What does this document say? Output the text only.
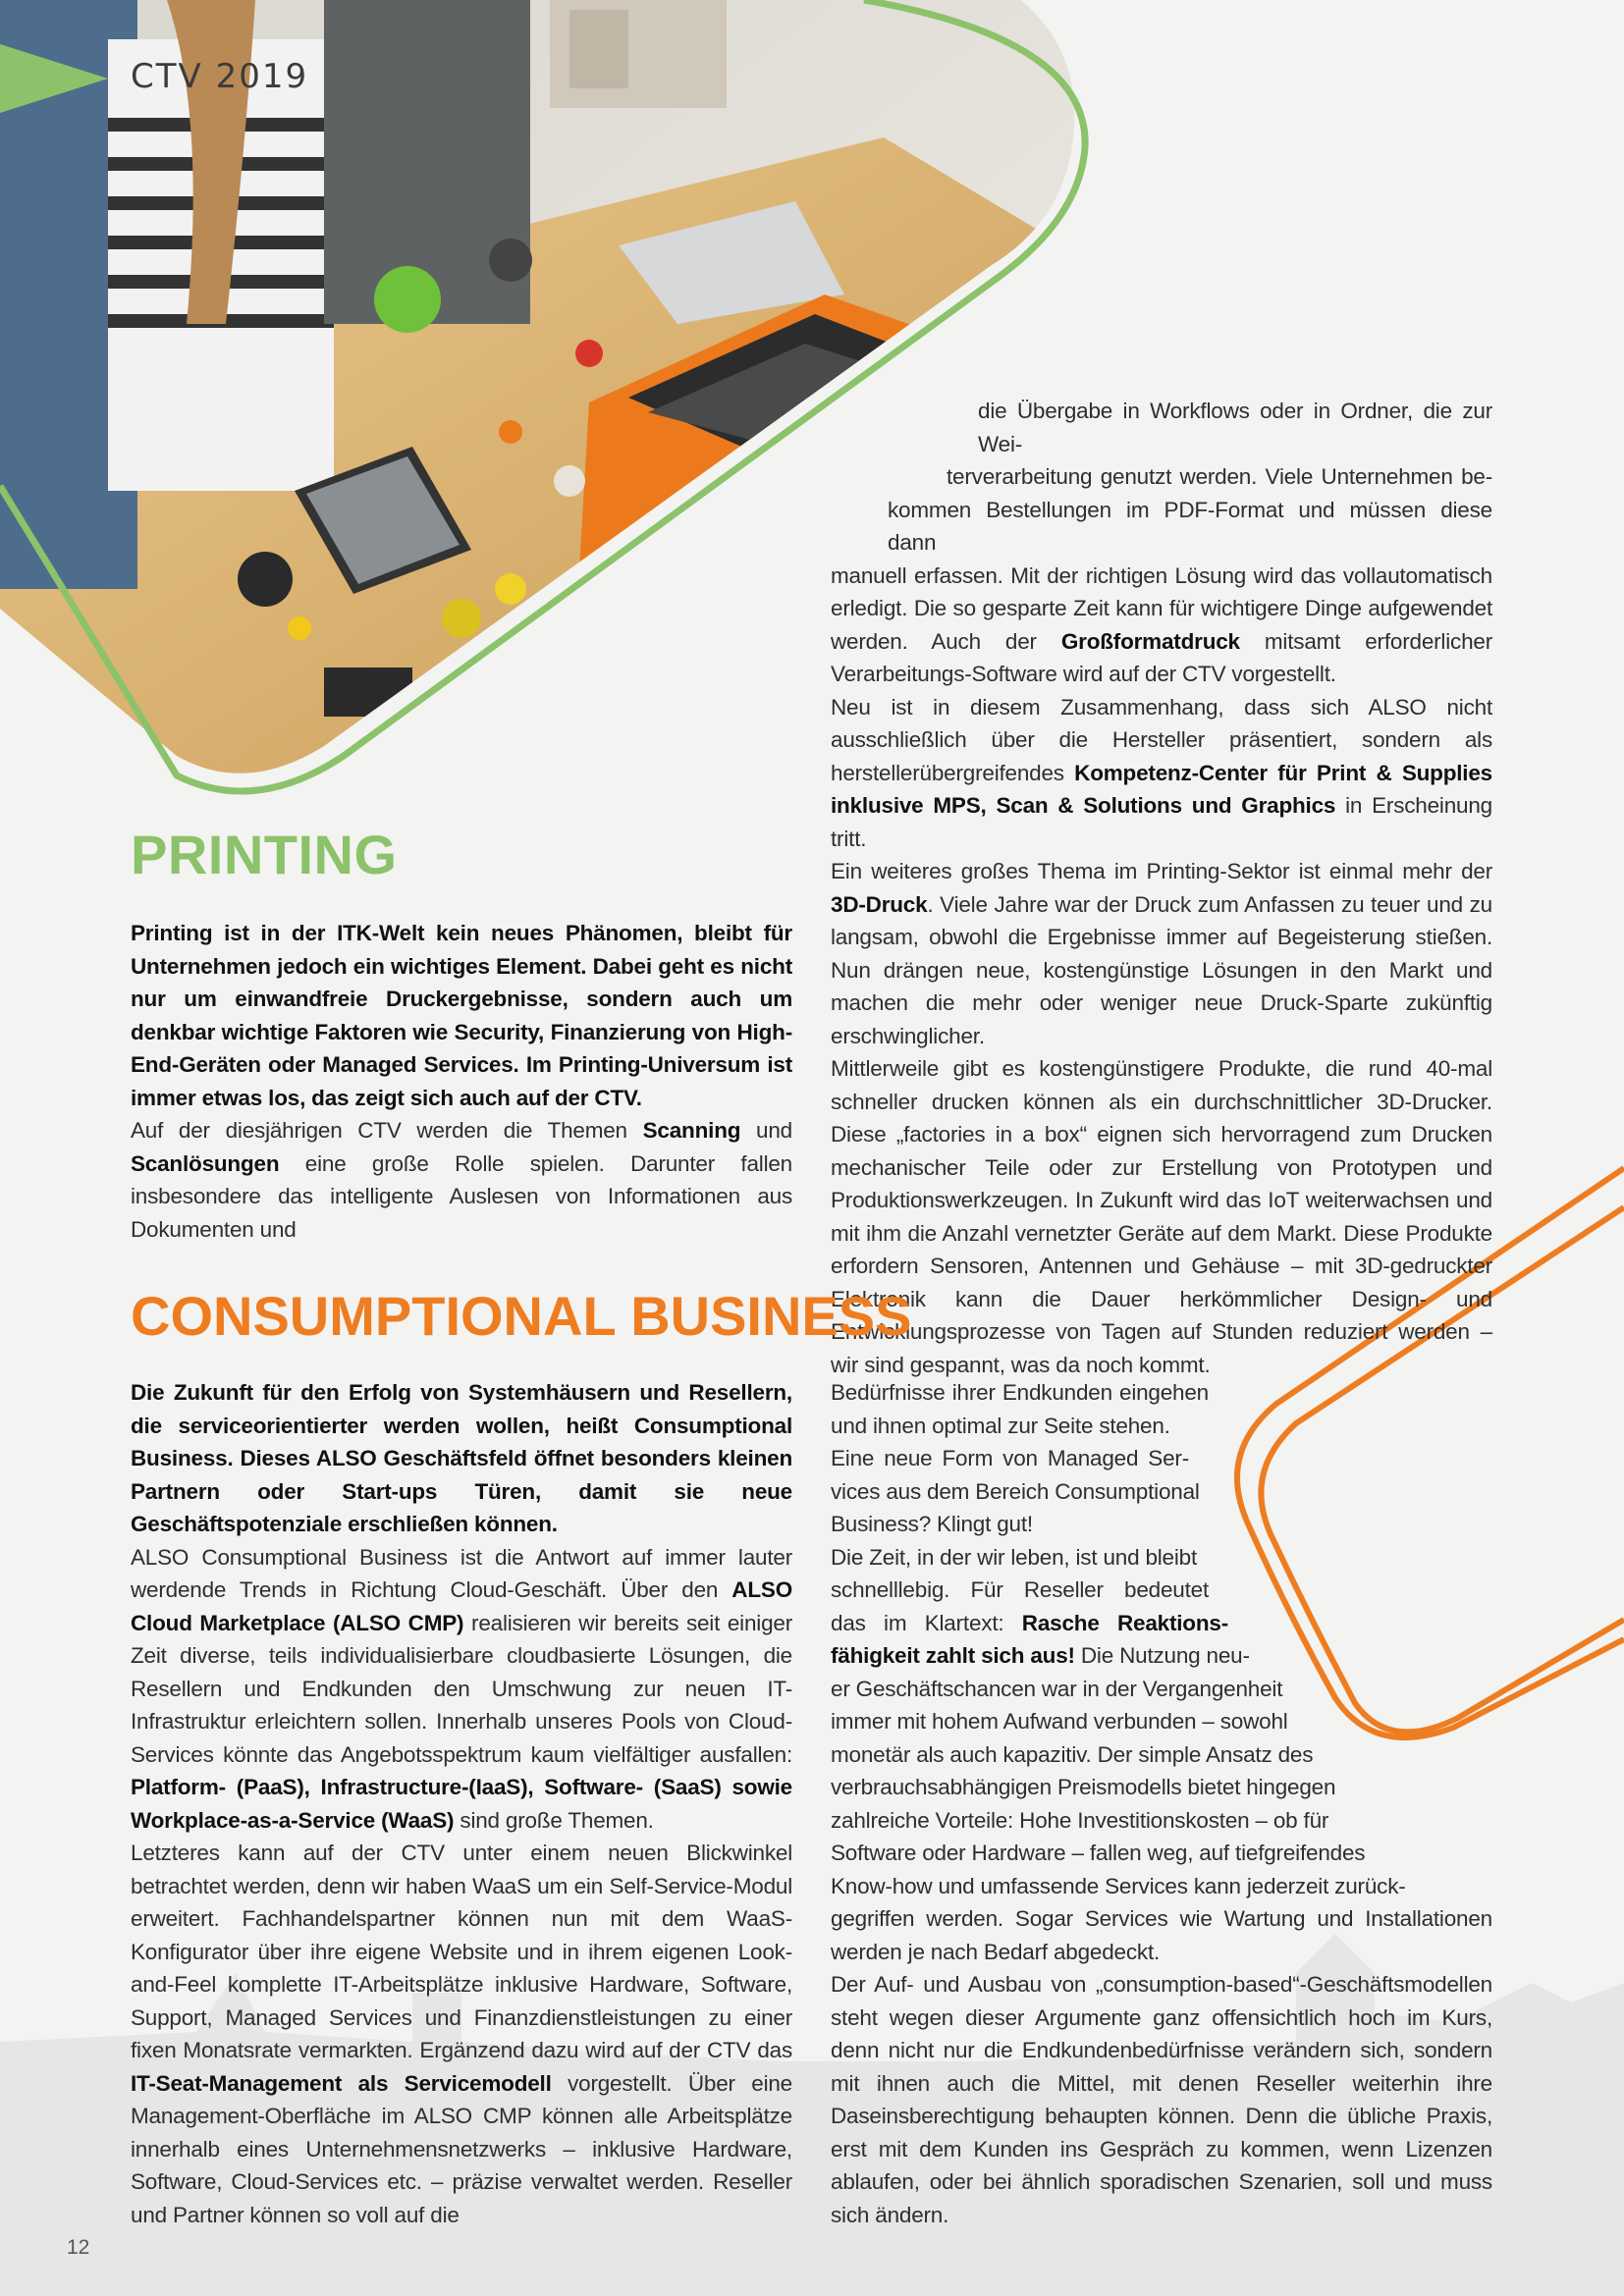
CTV 2019
PRINTING

Printing ist in der ITK-Welt kein neues Phänomen, bleibt für Unternehmen jedoch ein wichtiges Element. Dabei geht es nicht nur um einwandfreie Druckergebnisse, sondern auch um denkbar wichtige Faktoren wie Security, Finanzierung von High-End-Geräten oder Managed Services. Im Printing-Universum ist immer etwas los, das zeigt sich auch auf der CTV.

Auf der diesjährigen CTV werden die Themen Scanning und Scanlösungen eine große Rolle spielen. Darunter fallen insbesondere das intelligente Auslesen von Informationen aus Dokumenten und

die Übergabe in Workflows oder in Ordner, die zur Wei-

terverarbeitung genutzt werden. Viele Unternehmen be-

kommen Bestellungen im PDF-Format und müssen diese dann

manuell erfassen. Mit der richtigen Lösung wird das vollautomatisch erledigt. Die so gesparte Zeit kann für wichtigere Dinge aufgewendet werden. Auch der Großformatdruck mitsamt erforderlicher Verarbeitungs-Software wird auf der CTV vorgestellt.

Neu ist in diesem Zusammenhang, dass sich ALSO nicht ausschließlich über die Hersteller präsentiert, sondern als herstellerübergreifendes Kompetenz-Center für Print & Supplies inklusive MPS, Scan & Solutions und Graphics in Erscheinung tritt.

Ein weiteres großes Thema im Printing-Sektor ist einmal mehr der 3D-Druck. Viele Jahre war der Druck zum Anfassen zu teuer und zu langsam, obwohl die Ergebnisse immer auf Begeisterung stießen. Nun drängen neue, kostengünstige Lösungen in den Markt und machen die mehr oder weniger neue Druck-Sparte zukünftig erschwinglicher.

Mittlerweile gibt es kostengünstigere Produkte, die rund 40-mal schneller drucken können als ein durchschnittlicher 3D-Drucker. Diese „factories in a box“ eignen sich hervorragend zum Drucken mechanischer Teile oder zur Erstellung von Prototypen und Produktionswerkzeugen. In Zukunft wird das IoT weiterwachsen und mit ihm die Anzahl vernetzter Geräte auf dem Markt. Diese Produkte erfordern Sensoren, Antennen und Gehäuse – mit 3D-gedruckter Elektronik kann die Dauer herkömmlicher Design- und Entwicklungsprozesse von Tagen auf Stunden reduziert werden – wir sind gespannt, was da noch kommt.

CONSUMPTIONAL BUSINESS

Die Zukunft für den Erfolg von Systemhäusern und Resellern, die serviceorientierter werden wollen, heißt Consumptional Business. Dieses ALSO Geschäftsfeld öffnet besonders kleinen Partnern oder Start-ups Türen, damit sie neue Geschäftspotenziale erschließen können.

ALSO Consumptional Business ist die Antwort auf immer lauter werdende Trends in Richtung Cloud-Geschäft. Über den ALSO Cloud Marketplace (ALSO CMP) realisieren wir bereits seit einiger Zeit diverse, teils individualisierbare cloudbasierte Lösungen, die Resellern und Endkunden den Umschwung zur neuen IT-Infrastruktur erleichtern sollen. Innerhalb unseres Pools von Cloud-Services könnte das Angebotsspektrum kaum vielfältiger ausfallen: Platform- (PaaS), Infrastructure-(IaaS), Software- (SaaS) sowie Workplace-as-a-Service (WaaS) sind große Themen.

Letzteres kann auf der CTV unter einem neuen Blickwinkel betrachtet werden, denn wir haben WaaS um ein Self-Service-Modul erweitert. Fachhandelspartner können nun mit dem WaaS-Konfigurator über ihre eigene Website und in ihrem eigenen Look-and-Feel komplette IT-Arbeitsplätze inklusive Hardware, Software, Support, Managed Services und Finanzdienstleistungen zu einer fixen Monatsrate vermarkten. Ergänzend dazu wird auf der CTV das IT-Seat-Management als Servicemodell vorgestellt. Über eine Management-Oberfläche im ALSO CMP können alle Arbeitsplätze innerhalb eines Unternehmensnetzwerks – inklusive Hardware, Software, Cloud-Services etc. – präzise verwaltet werden. Reseller und Partner können so voll auf die

Bedürfnisse ihrer Endkunden eingehen

und ihnen optimal zur Seite stehen.

Eine neue Form von Managed Ser-

vices aus dem Bereich Consumptional

Business? Klingt gut!

Die Zeit, in der wir leben, ist und bleibt

schnelllebig. Für Reseller bedeutet

das im Klartext: Rasche Reaktions-

fähigkeit zahlt sich aus! Die Nutzung neu-

er Geschäftschancen war in der Vergangenheit

immer mit hohem Aufwand verbunden – sowohl

monetär als auch kapazitiv. Der simple Ansatz des

verbrauchsabhängigen Preismodells bietet hingegen

zahlreiche Vorteile: Hohe Investitionskosten – ob für

Software oder Hardware – fallen weg, auf tiefgreifendes

Know-how und umfassende Services kann jederzeit zurück-

gegriffen werden. Sogar Services wie Wartung und Installationen werden je nach Bedarf abgedeckt.

Der Auf- und Ausbau von „consumption-based“-Geschäftsmodellen steht wegen dieser Argumente ganz offensichtlich hoch im Kurs, denn nicht nur die Endkundenbedürfnisse verändern sich, sondern mit ihnen auch die Mittel, mit denen Reseller weiterhin ihre Daseinsberechtigung behaupten können. Denn die übliche Praxis, erst mit dem Kunden ins Gespräch zu kommen, wenn Lizenzen ablaufen, oder bei ähnlich sporadischen Szenarien, soll und muss sich ändern.

12
